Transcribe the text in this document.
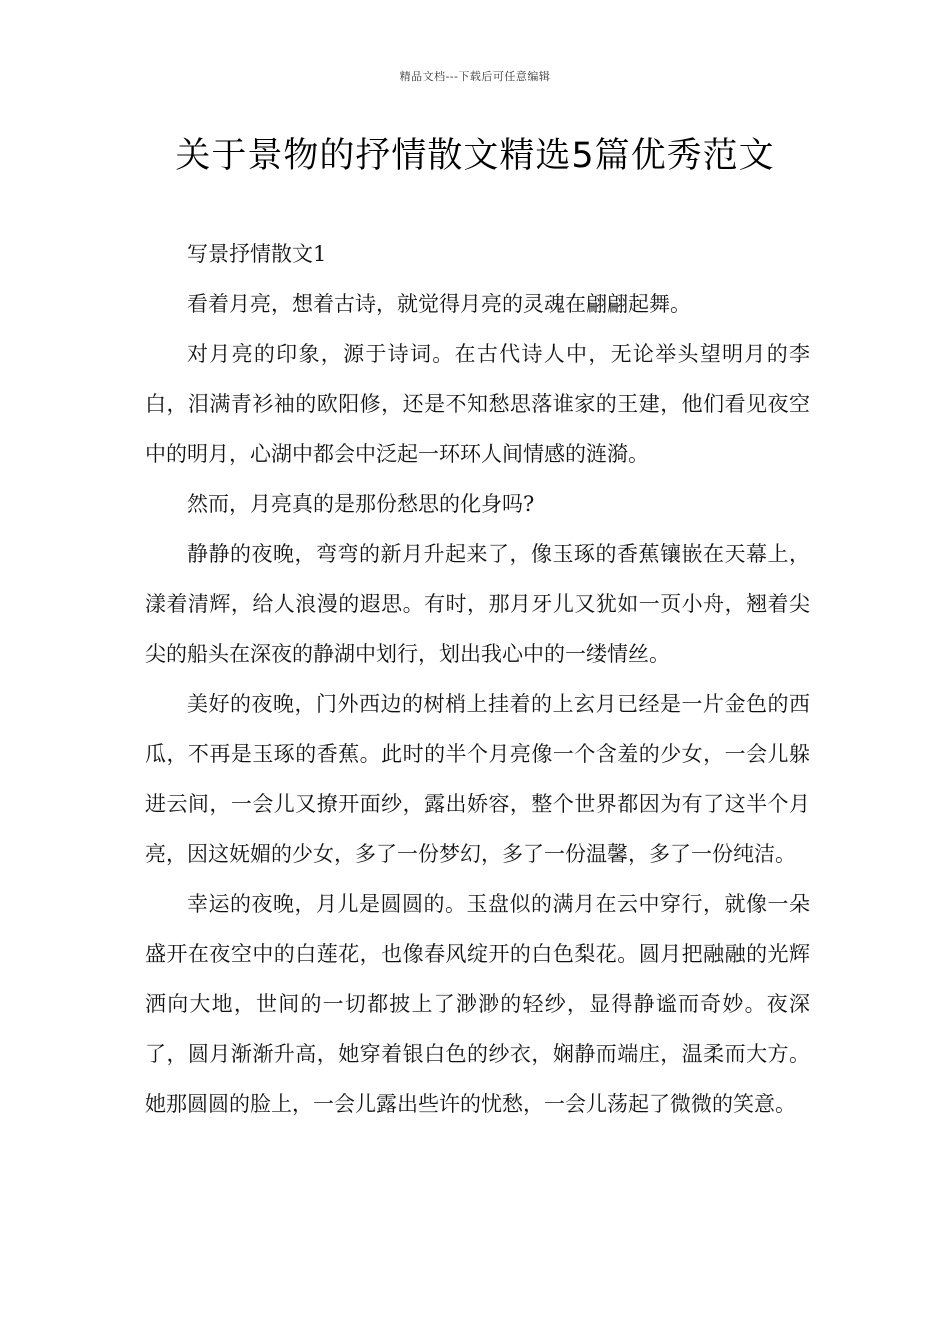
精品文档---下载后可任意编辑
关于景物的抒情散文精选5篇优秀范文

写景抒情散文1

看着月亮，想着古诗，就觉得月亮的灵魂在翩翩起舞。

对月亮的印象，源于诗词。在古代诗人中，无论举头望明月的李白，泪满青衫袖的欧阳修，还是不知愁思落谁家的王建，他们看见夜空中的明月，心湖中都会中泛起一环环人间情感的涟漪。

然而，月亮真的是那份愁思的化身吗?

静静的夜晚，弯弯的新月升起来了，像玉琢的香蕉镶嵌在天幕上，漾着清辉，给人浪漫的遐思。有时，那月牙儿又犹如一页小舟，翘着尖尖的船头在深夜的静湖中划行，划出我心中的一缕情丝。

美好的夜晚，门外西边的树梢上挂着的上玄月已经是一片金色的西瓜，不再是玉琢的香蕉。此时的半个月亮像一个含羞的少女，一会儿躲进云间，一会儿又撩开面纱，露出娇容，整个世界都因为有了这半个月亮，因这妩媚的少女，多了一份梦幻，多了一份温馨，多了一份纯洁。

幸运的夜晚，月儿是圆圆的。玉盘似的满月在云中穿行，就像一朵盛开在夜空中的白莲花，也像春风绽开的白色梨花。圆月把融融的光辉洒向大地，世间的一切都披上了渺渺的轻纱，显得静谧而奇妙。夜深了，圆月渐渐升高，她穿着银白色的纱衣，娴静而端庄，温柔而大方。她那圆圆的脸上，一会儿露出些许的忧愁，一会儿荡起了微微的笑意。
